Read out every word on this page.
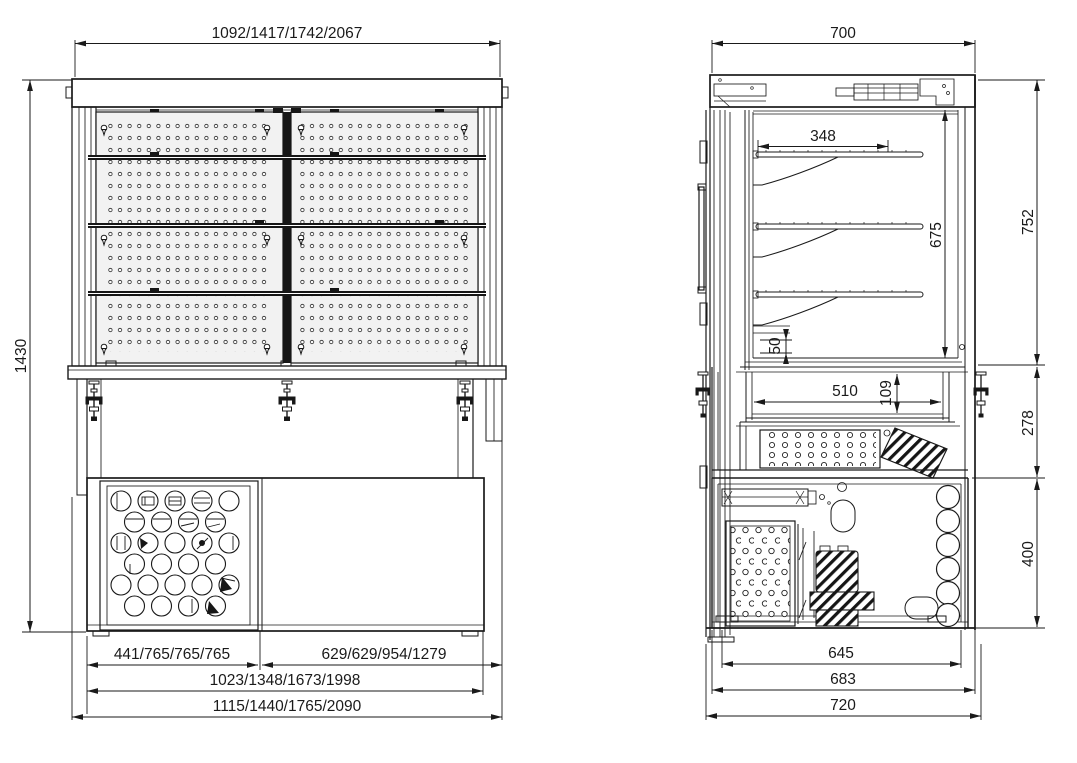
1092/1417/1742/2067
1430
441/765/765/765	629/629/954/1279
1023/1348/1673/1998
1115/1440/1765/2090
700
675
348
50
510 109
752
278
400
645
683
720
